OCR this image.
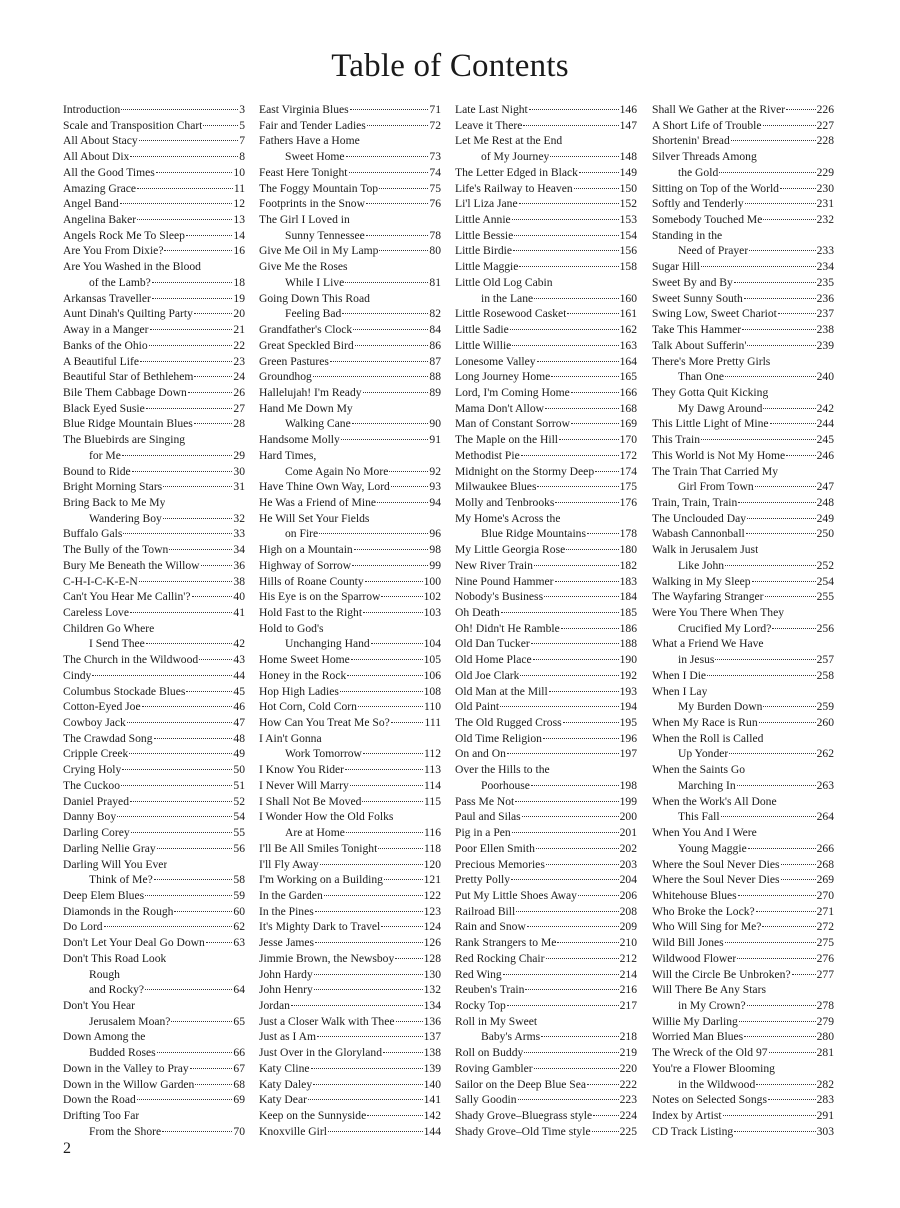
Table of Contents
Introduction	3
Scale and Transposition Chart	5
All About Stacy	7
All About Dix	8
All the Good Times	10
Amazing Grace	11
Angel Band	12
Angelina Baker	13
Angels Rock Me To Sleep	14
Are You From Dixie?	16
Are You Washed in the Blood
of the Lamb?	18
Arkansas Traveller	19
Aunt Dinah's Quilting Party	20
Away in a Manger	21
Banks of the Ohio	22
A Beautiful Life	23
Beautiful Star of Bethlehem	24
Bile Them Cabbage Down	26
Black Eyed Susie	27
Blue Ridge Mountain Blues	28
The Bluebirds are Singing
for Me	29
Bound to Ride	30
Bright Morning Stars	31
Bring Back to Me My
Wandering Boy	32
Buffalo Gals	33
The Bully of the Town	34
Bury Me Beneath the Willow	36
C-H-I-C-K-E-N	38
Can't You Hear Me Callin'?	40
Careless Love	41
Children Go Where
I Send Thee	42
The Church in the Wildwood	43
Cindy	44
Columbus Stockade Blues	45
Cotton-Eyed Joe	46
Cowboy Jack	47
The Crawdad Song	48
Cripple Creek	49
Crying Holy	50
The Cuckoo	51
Daniel Prayed	52
Danny Boy	54
Darling Corey	55
Darling Nellie Gray	56
Darling Will You Ever
Think of Me?	58
Deep Elem Blues	59
Diamonds in the Rough	60
Do Lord	62
Don't Let Your Deal Go Down 63
Don't This Road Look
Rough
and Rocky?	64
Don't You Hear
Jerusalem Moan?	65
Down Among the
Budded Roses	66
Down in the Valley to Pray	67
Down in the Willow Garden	68
Down the Road	69
Drifting Too Far
From the Shore	70
East Virginia Blues	71
Fair and Tender Ladies	72
Fathers Have a Home
Sweet Home	73
Feast Here Tonight	74
The Foggy Mountain Top	75
Footprints in the Snow	76
The Girl I Loved in
Sunny Tennessee	78
Give Me Oil in My Lamp	80
Give Me the Roses
While I Live	81
Going Down This Road
Feeling Bad	82
Grandfather's Clock	84
Great Speckled Bird	86
Green Pastures	87
Groundhog	88
Hallelujah! I'm Ready	89
Hand Me Down My
Walking Cane	90
Handsome Molly	91
Hard Times,
Come Again No More	92
Have Thine Own Way, Lord	93
He Was a Friend of Mine	94
He Will Set Your Fields
on Fire	96
High on a Mountain	98
Highway of Sorrow	99
Hills of Roane County	100
His Eye is on the Sparrow	102
Hold Fast to the Right	103
Hold to God's
Unchanging Hand	104
Home Sweet Home	105
Honey in the Rock	106
Hop High Ladies	108
Hot Corn, Cold Corn	110
How Can You Treat Me So?	111
I Ain't Gonna
Work Tomorrow	112
I Know You Rider	113
I Never Will Marry	114
I Shall Not Be Moved	115
I Wonder How the Old Folks
Are at Home	116
I'll Be All Smiles Tonight	118
I'll Fly Away	120
I'm Working on a Building	121
In the Garden	122
In the Pines	123
It's Mighty Dark to Travel	124
Jesse James	126
Jimmie Brown, the Newsboy	128
John Hardy	130
John Henry	132
Jordan	134
Just a Closer Walk with Thee	136
Just as I Am	137
Just Over in the Gloryland	138
Katy Cline	139
Katy Daley	140
Katy Dear	141
Keep on the Sunnyside	142
Knoxville Girl	144
Late Last Night	146
Leave it There	147
Let Me Rest at the End
of My Journey	148
The Letter Edged in Black	149
Life's Railway to Heaven	150
Li'l Liza Jane	152
Little Annie	153
Little Bessie	154
Little Birdie	156
Little Maggie	158
Little Old Log Cabin
in the Lane	160
Little Rosewood Casket	161
Little Sadie	162
Little Willie	163
Lonesome Valley	164
Long Journey Home	165
Lord, I'm Coming Home	166
Mama Don't Allow	168
Man of Constant Sorrow	169
The Maple on the Hill	170
Methodist Pie	172
Midnight on the Stormy Deep 174
Milwaukee Blues	175
Molly and Tenbrooks	176
My Home's Across the
Blue Ridge Mountains	178
My Little Georgia Rose	180
New River Train	182
Nine Pound Hammer	183
Nobody's Business	184
Oh Death	185
Oh! Didn't He Ramble	186
Old Dan Tucker	188
Old Home Place	190
Old Joe Clark	192
Old Man at the Mill	193
Old Paint	194
The Old Rugged Cross	195
Old Time Religion	196
On and On	197
Over the Hills to the
Poorhouse	198
Pass Me Not	199
Paul and Silas	200
Pig in a Pen	201
Poor Ellen Smith	202
Precious Memories	203
Pretty Polly	204
Put My Little Shoes Away	206
Railroad Bill	208
Rain and Snow	209
Rank Strangers to Me	210
Red Rocking Chair	212
Red Wing	214
Reuben's Train	216
Rocky Top	217
Roll in My Sweet
Baby's Arms	218
Roll on Buddy	219
Roving Gambler	220
Sailor on the Deep Blue Sea	222
Sally Goodin	223
Shady Grove–Bluegrass style 224
Shady Grove–Old Time style	225
Shall We Gather at the River	226
A Short Life of Trouble	227
Shortenin' Bread	228
Silver Threads Among
the Gold	229
Sitting on Top of the World	230
Softly and Tenderly	231
Somebody Touched Me	232
Standing in the
Need of Prayer	233
Sugar Hill	234
Sweet By and By	235
Sweet Sunny South	236
Swing Low, Sweet Chariot	237
Take This Hammer	238
Talk About Sufferin'	239
There's More Pretty Girls
Than One	240
They Gotta Quit Kicking
My Dawg Around	242
This Little Light of Mine	244
This Train	245
This World is Not My Home	246
The Train That Carried My
Girl From Town	247
Train, Train, Train	248
The Unclouded Day	249
Wabash Cannonball	250
Walk in Jerusalem Just
Like John	252
Walking in My Sleep	254
The Wayfaring Stranger	255
Were You There When They
Crucified My Lord?	256
What a Friend We Have
in Jesus	257
When I Die	258
When I Lay
My Burden Down	259
When My Race is Run	260
When the Roll is Called
Up Yonder	262
When the Saints Go
Marching In	263
When the Work's All Done
This Fall	264
When You And I Were
Young Maggie	266
Where the Soul Never Dies	268
Where the Soul Never Dies	269
Whitehouse Blues	270
Who Broke the Lock?	271
Who Will Sing for Me?	272
Wild Bill Jones	275
Wildwood Flower	276
Will the Circle Be Unbroken? 277
Will There Be Any Stars
in My Crown?	278
Willie My Darling	279
Worried Man Blues	280
The Wreck of the Old 97	281
You're a Flower Blooming
in the Wildwood	282
Notes on Selected Songs	283
Index by Artist	291
CD Track Listing	303

2
